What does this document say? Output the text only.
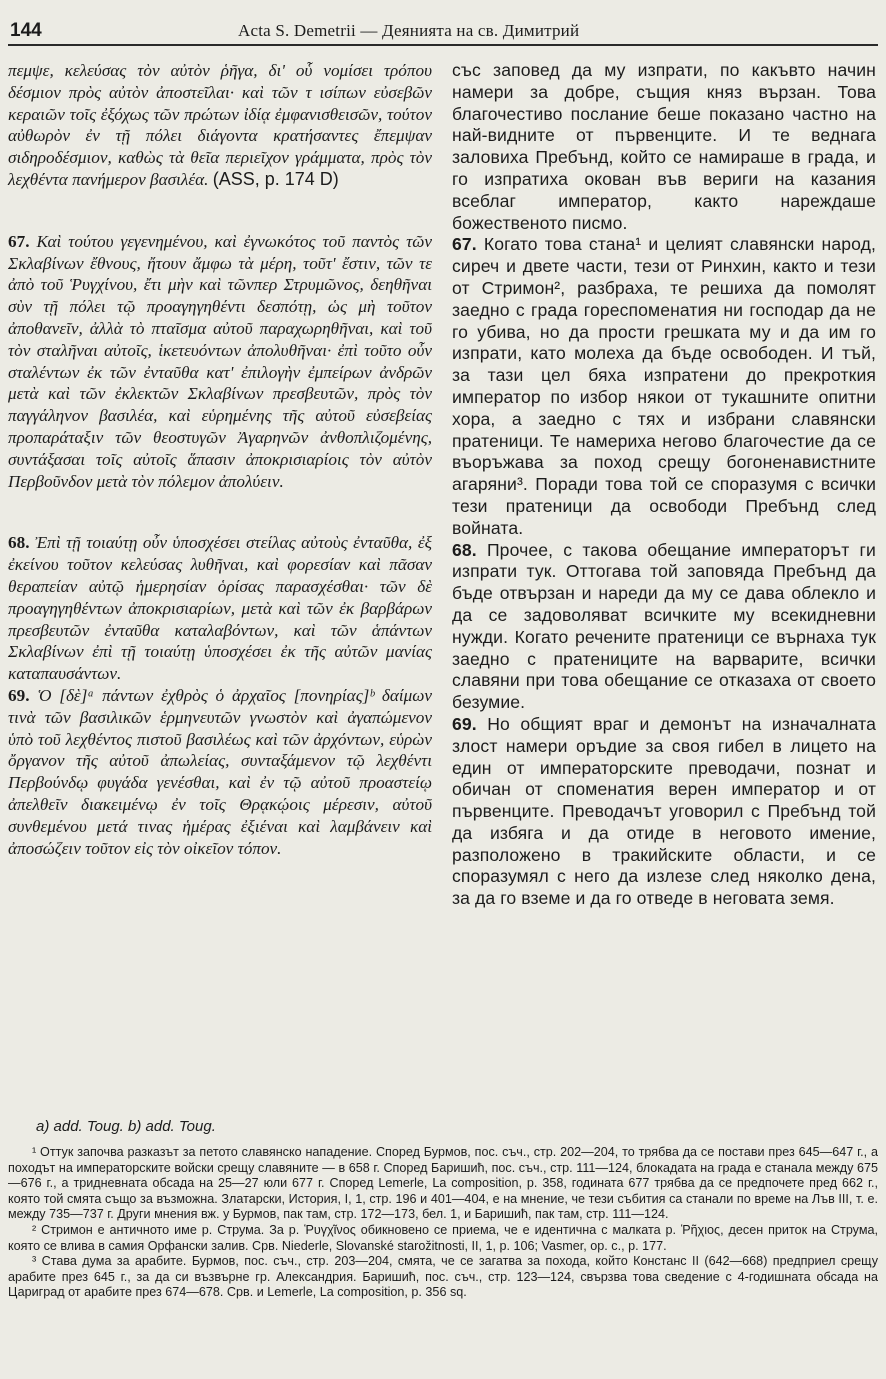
144	Acta S. Demetrii — Деянията на св. Димитрий

πεμψε, κελεύσας τὸν αὐτὸν ῥῆγα, δι' οὗ νομίσει τρόπου δέσμιον πρὸς αὐτὸν ἀποστεῖλαι· καὶ τῶν τ ισίπων εὐσεβῶν κεραιῶν τοῖς ἐξόχως τῶν πρώτων ἰδίᾳ ἐμφανισθεισῶν, τούτον αὐθωρὸν ἐν τῇ πόλει διάγοντα κρατήσαντες ἔπεμψαν σιδηροδέσμιον, καθὼς τὰ θεῖα περιεῖχον γράμματα, πρὸς τὸν λεχθέντα πανήμερον βασιλέα. (ASS, p. 174 D)

67. Καὶ τούτου γεγενημένου, καὶ ἐγνωκότος τοῦ παντὸς τῶν Σκλαβίνων ἔθνους, ἤτουν ἄμφω τὰ μέρη, τοῦτ' ἔστιν, τῶν τε ἀπὸ τοῦ Ῥυγχίνου, ἔτι μὴν καὶ τῶνπερ Στρυμῶνος, δεηθῆναι σὺν τῇ πόλει τῷ προαγηγηθέντι δεσπότῃ, ὡς μὴ τοῦτον ἀποθανεῖν, ἀλλὰ τὸ πταῖσμα αὐτοῦ παραχωρηθῆναι, καὶ τοῦ τὸν σταλῆναι αὐτοῖς, ἱκετευόντων ἀπολυθῆναι· ἐπὶ τοῦτο οὖν σταλέντων ἐκ τῶν ἐνταῦθα κατ' ἐπιλογὴν ἐμπείρων ἀνδρῶν μετὰ καὶ τῶν ἐκλεκτῶν Σκλαβίνων πρεσβευτῶν, πρὸς τὸν παγγάληνον βασιλέα, καὶ εὑρημένης τῆς αὐτοῦ εὐσεβείας προπαράταξιν τῶν θεοστυγῶν Ἀγαρηνῶν ἀνθοπλιζομένης, συντάξασαι τοῖς αὐτοῖς ἅπασιν ἀποκρισιαρίοις τὸν αὐτὸν Περβοῦνδον μετὰ τὸν πόλεμον ἀπολύειν.

68. Ἐπὶ τῇ τοιαύτῃ οὖν ὑποσχέσει στείλας αὐτοὺς ἐνταῦθα, ἐξ ἐκείνου τοῦτον κελεύσας λυθῆναι, καὶ φορεσίαν καὶ πᾶσαν θεραπείαν αὐτῷ ἡμερησίαν ὁρίσας παρασχέσθαι· τῶν δὲ προαγηγηθέντων ἀποκρισιαρίων, μετὰ καὶ τῶν ἐκ βαρβάρων πρεσβευτῶν ἐνταῦθα καταλαβόντων, καὶ τῶν ἁπάντων Σκλαβίνων ἐπὶ τῇ τοιαύτῃ ὑποσχέσει ἐκ τῆς αὐτῶν μανίας καταπαυσάντων.

69. Ὁ [δὲ]ᵃ πάντων ἐχθρὸς ὁ ἀρχαῖος [πονηρίας]ᵇ δαίμων τινὰ τῶν βασιλικῶν ἑρμηνευτῶν γνωστὸν καὶ ἀγαπώμενον ὑπὸ τοῦ λεχθέντος πιστοῦ βασιλέως καὶ τῶν ἀρχόντων, εὑρὼν ὄργανον τῆς αὐτοῦ ἀπωλείας, συνταξάμενον τῷ λεχθέντι Περβούνδῳ φυγάδα γενέσθαι, καὶ ἐν τῷ αὐτοῦ προαστείῳ ἀπελθεῖν διακειμένῳ ἐν τοῖς Θρᾳκῴοις μέρεσιν, αὐτοῦ συνθεμένου μετά τινας ἡμέρας ἐξιέναι καὶ λαμβάνειν καὶ ἀποσώζειν τοῦτον εἰς τὸν οἰκεῖον τόπον.

със заповед да му изпрати, по какъвто начин намери за добре, същия княз вързан. Това благочестиво послание беше показано частно на най-видните от първенците. И те веднага заловиха Пребънд, който се намираше в града, и го изпратиха окован във вериги на казания всеблаг император, както нареждаше божественото писмо.

67. Когато това стана¹ и целият славянски народ, сиреч и двете части, тези от Ринхин, както и тези от Стримон², разбраха, те решиха да помолят заедно с града гореспоменатия ни господар да не го убива, но да прости грешката му и да им го изпрати, като молеха да бъде освободен. И тъй, за тази цел бяха изпратени до прекроткия император по избор някои от тукашните опитни хора, а заедно с тях и избрани славянски пратеници. Те намериха негово благочестие да се въоръжава за поход срещу богоненавистните агаряни³. Поради това той се споразумя с всички тези пратеници да освободи Пребънд след войната.

68. Прочее, с такова обещание императорът ги изпрати тук. Оттогава той заповяда Пребънд да бъде отвързан и нареди да му се дава облекло и да се задоволяват всичките му всекидневни нужди. Когато речените пратеници се върнаха тук заедно с пратениците на варварите, всички славяни при това обещание се отказаха от своето безумие.

69. Но общият враг и демонът на изначалната злост намери оръдие за своя гибел в лицето на един от императорските преводачи, познат и обичан от споменатия верен император и от първенците. Преводачът уговорил с Пребънд той да избяга и да отиде в неговото имение, разположено в тракийските области, и се споразумял с него да излезе след няколко дена, за да го вземе и да го отведе в неговата земя.

a) add. Toug. b) add. Toug.

¹ Оттук започва разказът за петото славянско нападение. Според Бурмов, пос. съч., стр. 202—204, то трябва да се постави през 645—647 г., а походът на императорските войски срещу славяните — в 658 г. Според Баришић, пос. съч., стр. 111—124, блокадата на града е станала между 675—676 г., а тридневната обсада на 25—27 юли 677 г. Според Lemerle, La composition, p. 358, годината 677 трябва да се предпочете пред 662 г., която той смята също за възможна. Златарски, История, I, 1, стр. 196 и 401—404, е на мнение, че тези събития са станали по време на Лъв III, т. е. между 735—737 г. Други мнения вж. у Бурмов, пак там, стр. 172—173, бел. 1, и Баришић, пак там, стр. 111—124.

² Стримон е античното име р. Струма. За р. Ῥυγχῖνος обикновено се приема, че е идентична с малката р. Ῥῆχιος, десен приток на Струма, която се влива в самия Орфански залив. Срв. Niederle, Slovanské starožitnosti, II, 1, р. 106; Vasmer, ор. с., р. 177.

³ Става дума за арабите. Бурмов, пос. съч., стр. 203—204, смята, че се загатва за похода, който Констанс II (642—668) предприел срещу арабите през 645 г., за да си възвърне гр. Александрия. Баришић, пос. съч., стр. 123—124, свързва това сведение с 4-годишната обсада на Цариград от арабите през 674—678. Срв. и Lemerle, La composition, р. 356 sq.
